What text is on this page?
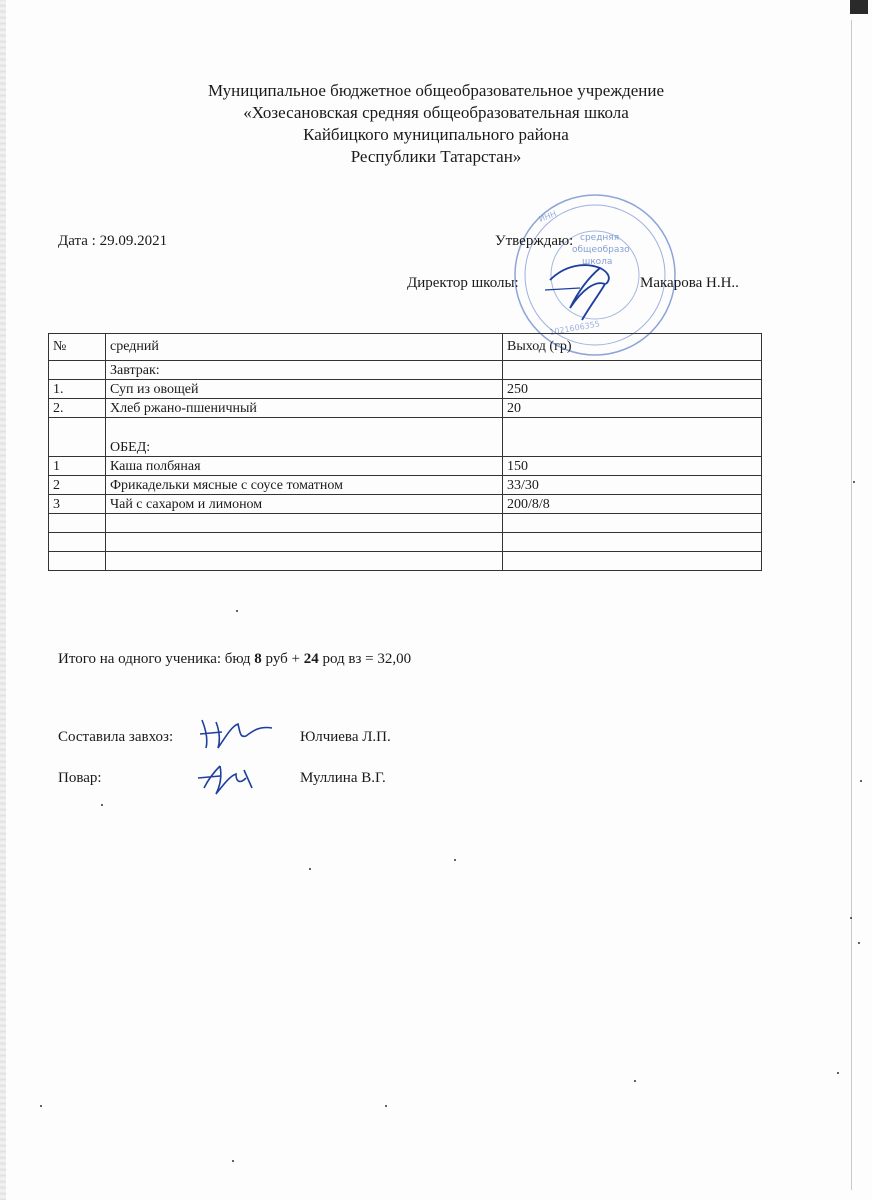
Муниципальное бюджетное общеобразовательное учреждение
«Хозесановская средняя общеобразовательная школа
Кайбицкого муниципального района
Республики Татарстан»
Дата : 29.09.2021	средняя
общеобразо
школа
ИНН
1021606355
Утверждаю:
Директор школы:	Макарова Н.Н..
№	средний	Выход (гр)
	Завтрак:	
1.	Суп из овощей	250
2.	Хлеб ржано-пшеничный	20
	ОБЕД:	
1	Каша полбяная	150
2	Фрикадельки мясные с соусе томатном	33/30
3	Чай с сахаром и лимоном	200/8/8

Итого на одного ученика: бюд 8 руб + 24 род вз = 32,00
Составила завхоз:	Юлчиева Л.П.
Повар:	Муллина В.Г.
